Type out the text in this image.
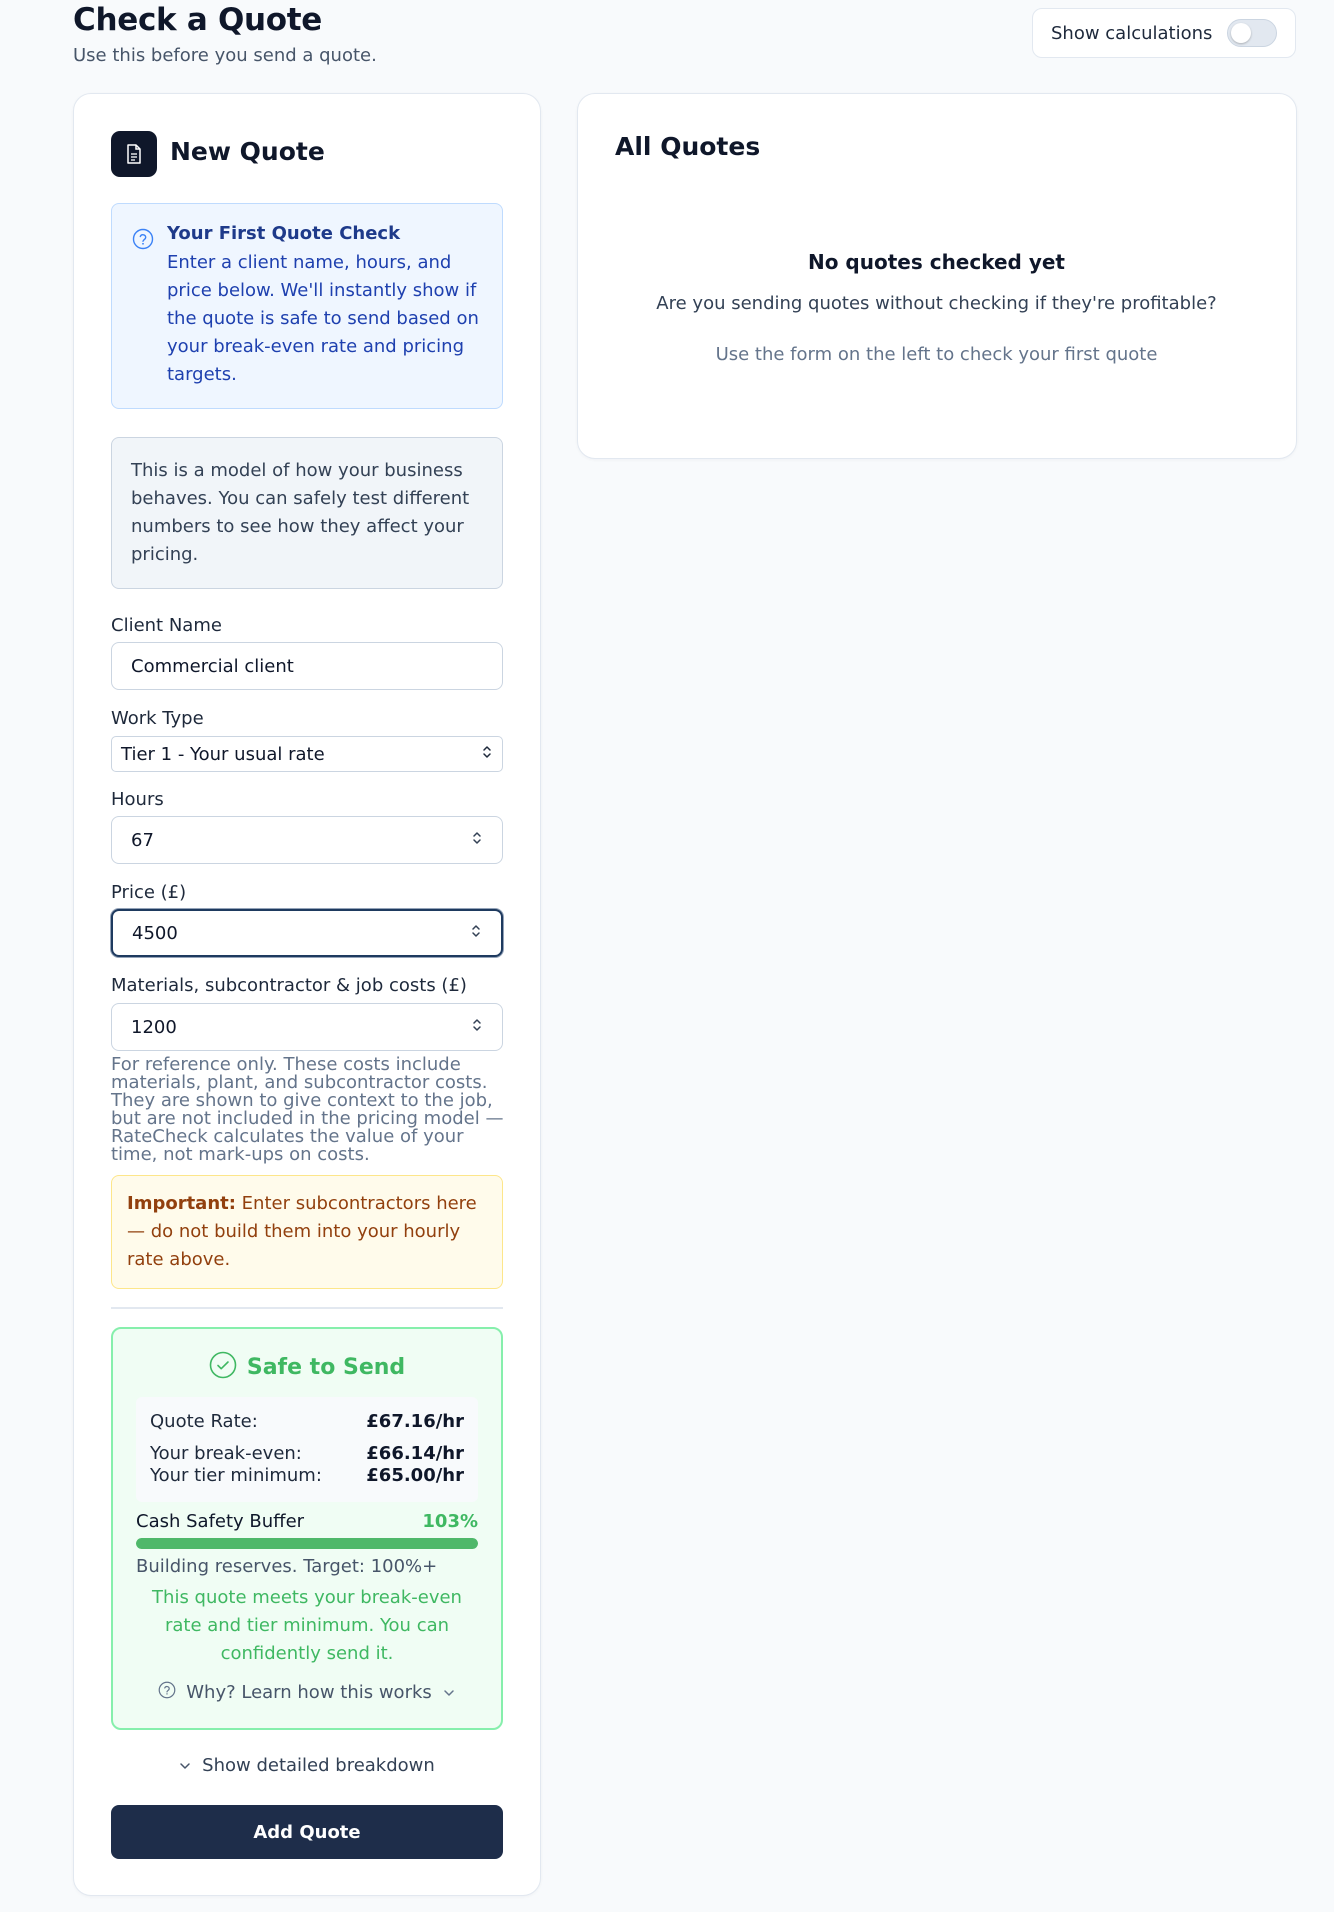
Check a Quote
Use this before you send a quote.
Show calculations
New Quote
Your First Quote Check
Enter a client name, hours, and price below. We'll instantly show if the quote is safe to send based on your break-even rate and pricing targets.
This is a model of how your business behaves. You can safely test different numbers to see how they affect your pricing.
Client Name
Commercial client
Work Type
Tier 1 - Your usual rate
Hours
67
Price (£)
4500
Materials, subcontractor & job costs (£)
1200
For reference only. These costs include materials, plant, and subcontractor costs. They are shown to give context to the job, but are not included in the pricing model — RateCheck calculates the value of your time, not mark-ups on costs.
Important: Enter subcontractors here — do not build them into your hourly rate above.
Safe to Send
Quote Rate:	£67.16/hr
Your break-even:	£66.14/hr
Your tier minimum: £65.00/hr
Cash Safety Buffer	103%
Building reserves. Target: 100%+
This quote meets your break-even rate and tier minimum. You can confidently send it.
Why? Learn how this works
Show detailed breakdown
Add Quote
All Quotes
No quotes checked yet
Are you sending quotes without checking if they're profitable?
Use the form on the left to check your first quote
